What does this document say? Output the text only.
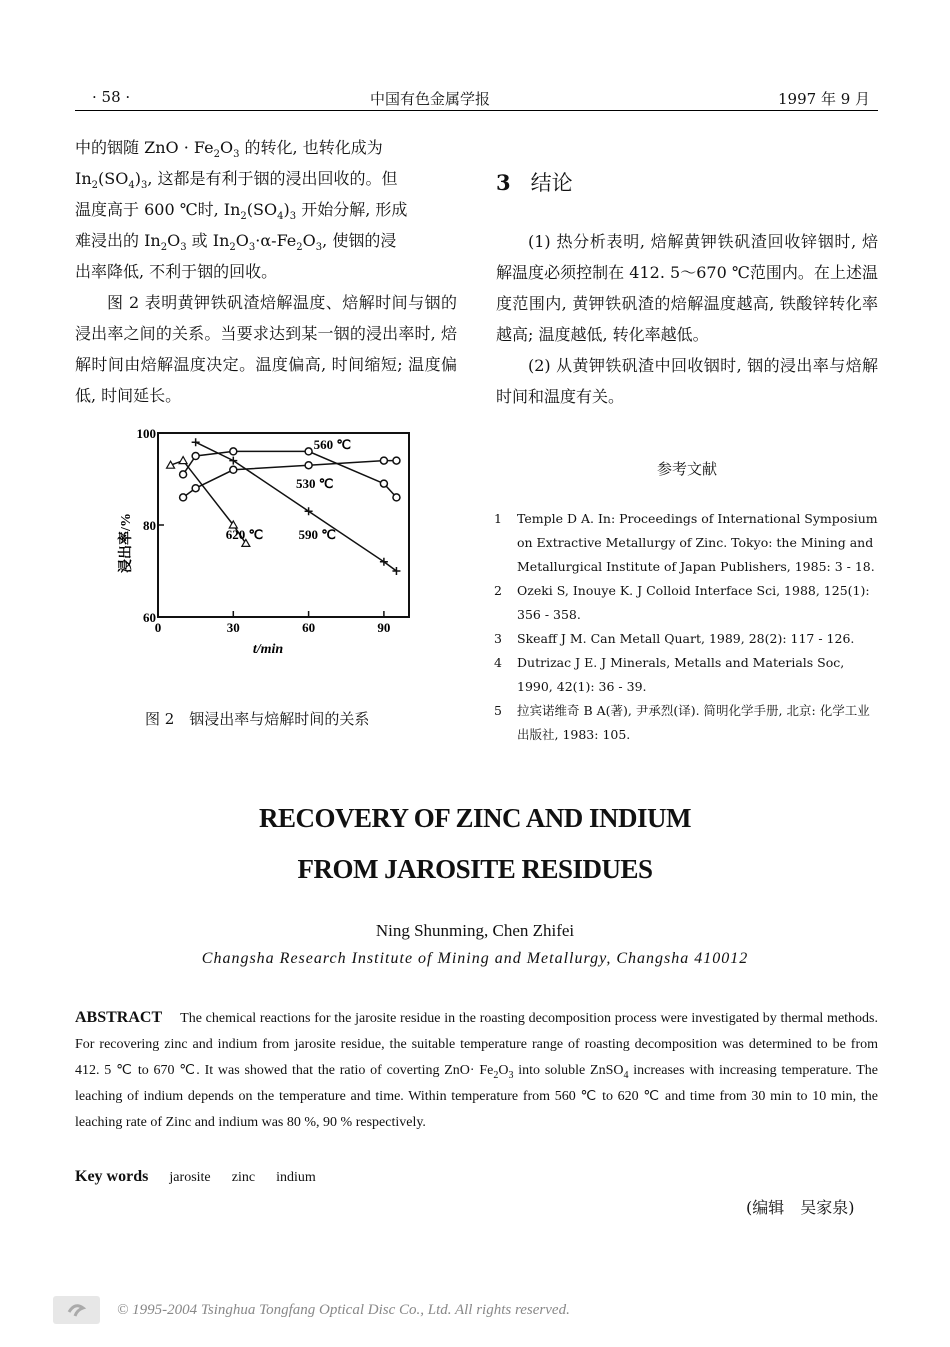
· 58 ·	中国有色金属学报	1997 年 9 月

中的铟随 ZnO · $Fe_2O_3$ 的转化, 也转化成为
$In_2(SO_4)_3$, 这都是有利于铟的浸出回收的。但
温度高于 600 ℃时, $In_2(SO_4)_3$ 开始分解, 形成
难浸出的 $In_2O_3$ 或 $In_2O_3\cdot\alpha-Fe_2O_3$, 使铟的浸
出率降低, 不利于铟的回收。

图 2 表明黄钾铁矾渣焙解温度、焙解时间与铟的浸出率之间的关系。当要求达到某一铟的浸出率时, 焙解时间由焙解温度决定。温度偏高, 时间缩短; 温度偏低, 时间延长。

浸出率/%
t/min
0	30	60	90
60
80
100
620 ℃	590 ℃
560 ℃
530 ℃
图 2　铟浸出率与焙解时间的关系
3 结论

(1) 热分析表明, 焙解黄钾铁矾渣回收锌铟时, 焙解温度必须控制在 412. 5～670 ℃范围内。在上述温度范围内, 黄钾铁矾渣的焙解温度越高, 铁酸锌转化率越高; 温度越低, 转化率越低。

(2) 从黄钾铁矾渣中回收铟时, 铟的浸出率与焙解时间和温度有关。

参考文献
1	Temple D A. In: Proceedings of International Symposium on Extractive Metallurgy of Zinc. Tokyo: the Mining and Metallurgical Institute of Japan Publishers, 1985: 3 - 18.
2	Ozeki S, Inouye K. J Colloid Interface Sci, 1988, 125(1): 356 - 358.
3	Skeaff J M. Can Metall Quart, 1989, 28(2): 117 - 126.
4	Dutrizac J E. J Minerals, Metalls and Materials Soc, 1990, 42(1): 36 - 39.
5	拉宾诺维奇 B A(著), 尹承烈(译). 简明化学手册, 北京: 化学工业出版社, 1983: 105.
RECOVERY OF ZINC AND INDIUM
FROM JAROSITE RESIDUES
Ning Shunming, Chen Zhifei
Changsha Research Institute of Mining and Metallurgy, Changsha 410012
ABSTRACT The chemical reactions for the jarosite residue in the roasting decomposition process were investigated by thermal methods. For recovering zinc and indium from jarosite residue, the suitable temperature range of roasting decomposition was determined to be from 412. 5 ℃ to 670 ℃. It was showed that the ratio of coverting $ZnO\cdot Fe_2O_3$ into soluble ZnSO$_4$ increases with increasing temperature. The leaching of indium depends on the temperature and time. Within temperature from 560 ℃ to 620 ℃ and time from 30 min to 10 min, the leaching rate of Zinc and indium was 80 %, 90 % respectively.
Key words jarosite zinc indium
(编辑　吴家泉)
© 1995-2004 Tsinghua Tongfang Optical Disc Co., Ltd. All rights reserved.
